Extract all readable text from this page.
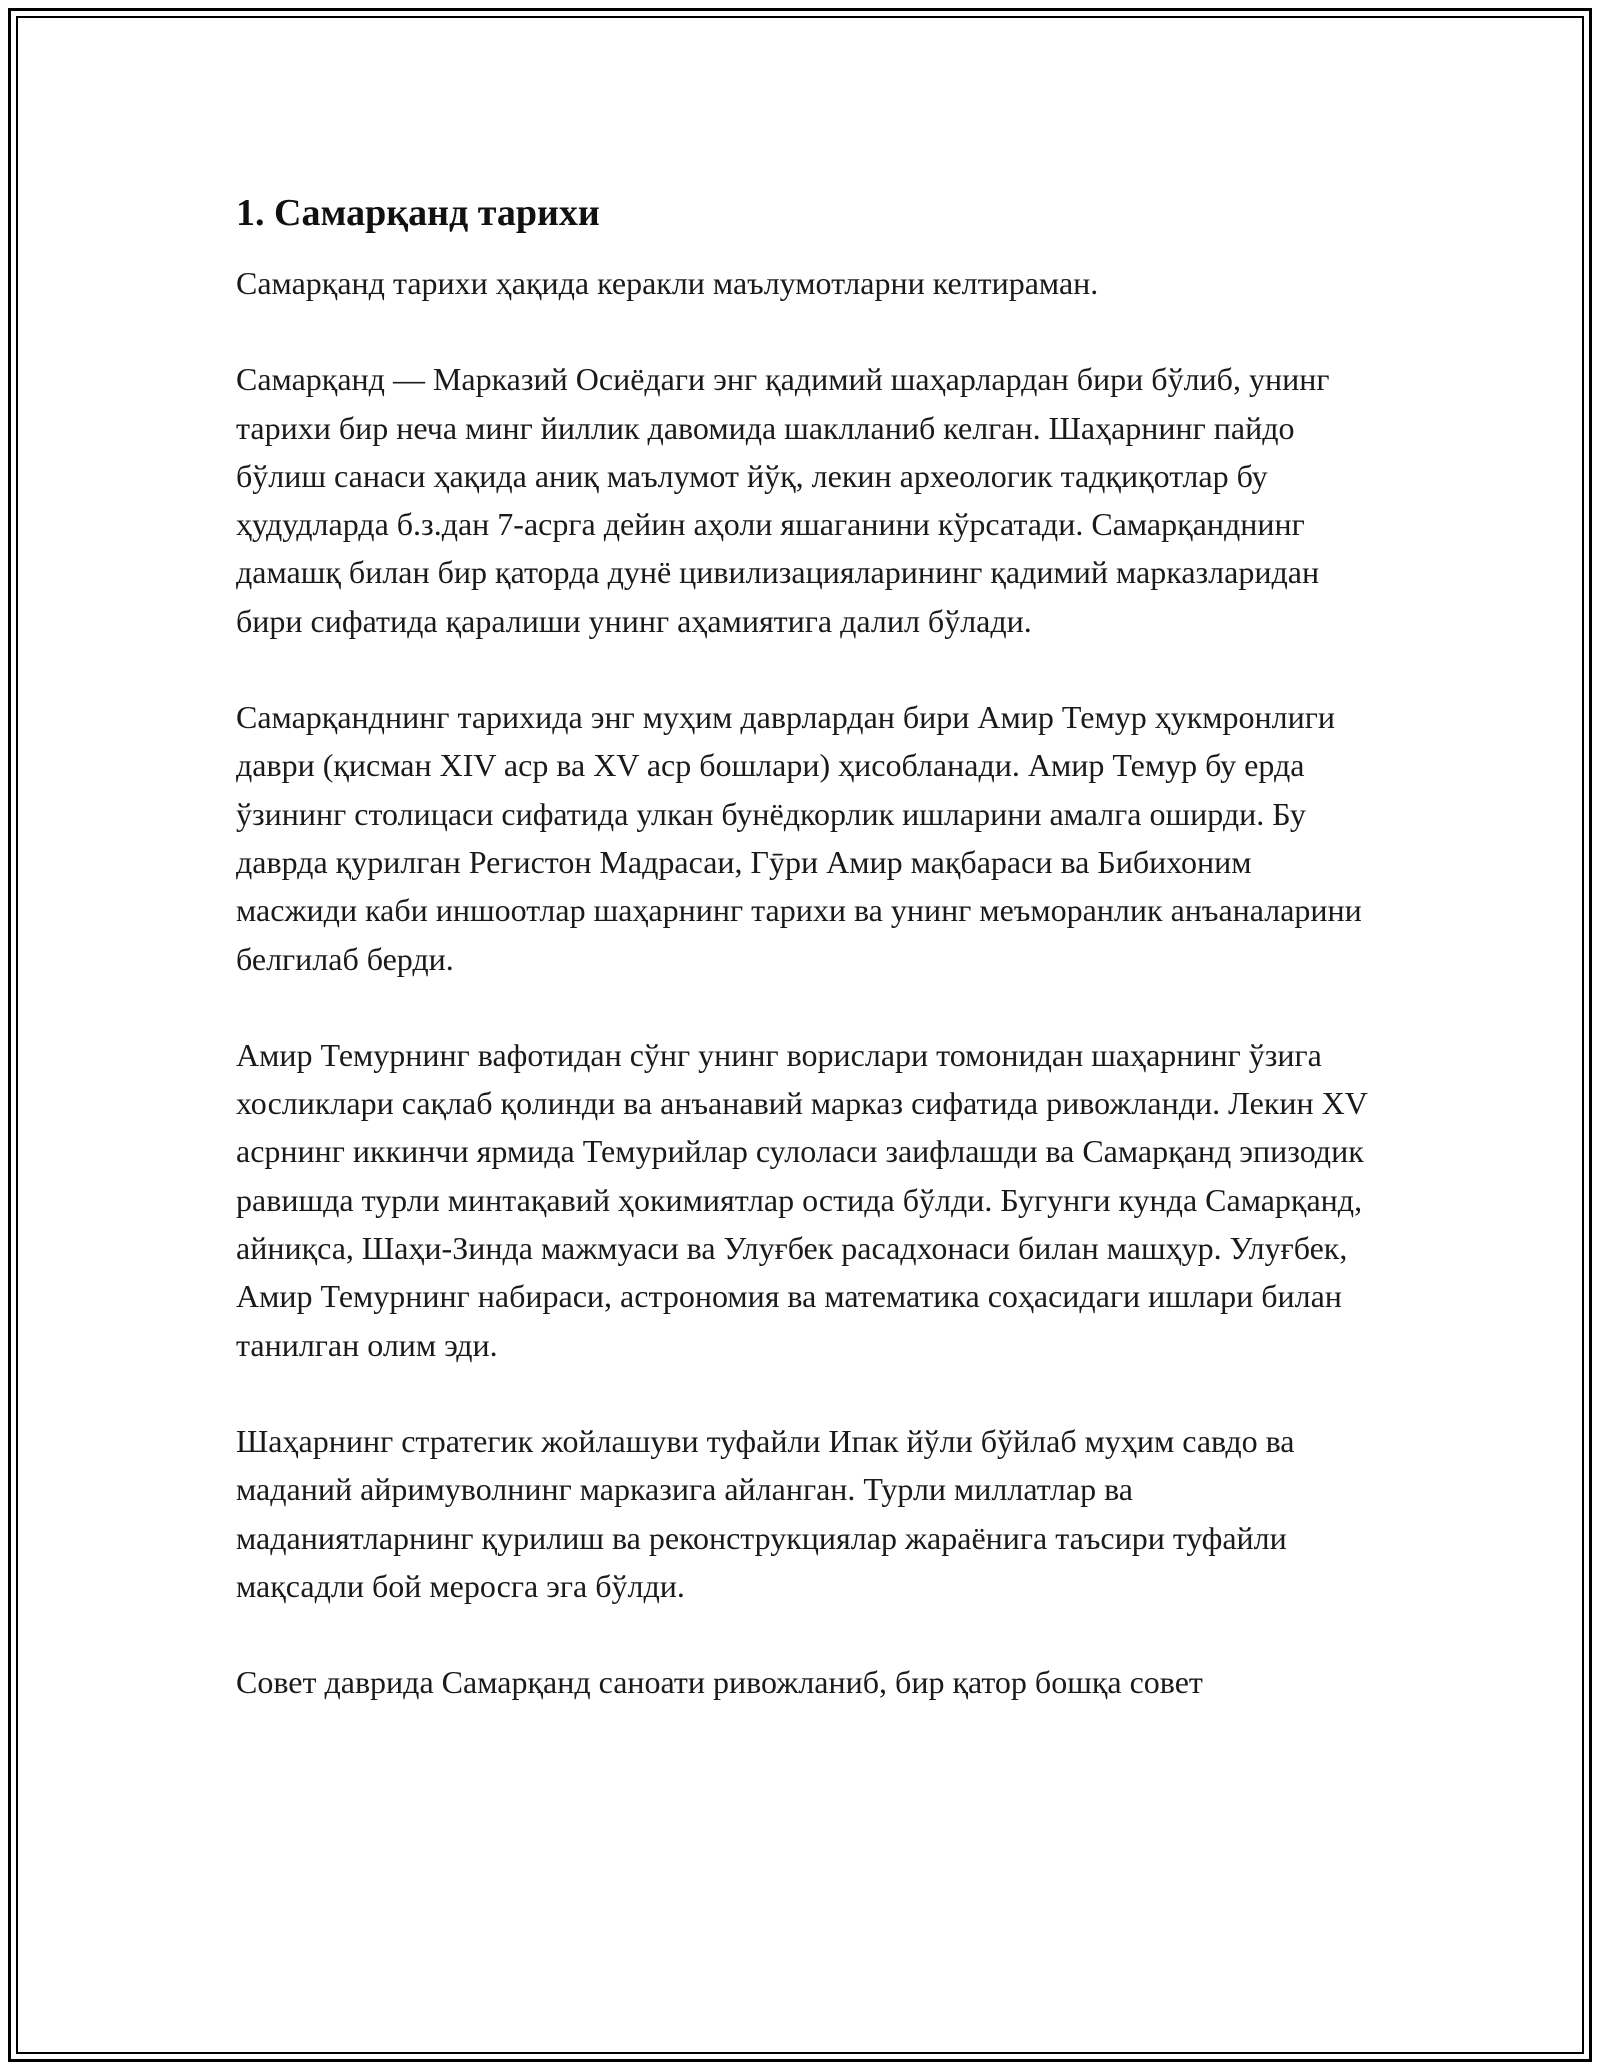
1. Самарқанд тарихи

Самарқанд тарихи ҳақида керакли маълумотларни келтираман.

Самарқанд — Марказий Осиёдаги энг қадимий шаҳарлардан бири бўлиб, унинг тарихи бир неча минг йиллик давомида шаклланиб келган. Шаҳарнинг пайдо бўлиш санаси ҳақида аниқ маълумот йўқ, лекин археологик тадқиқотлар бу ҳудудларда б.з.дан 7-асрга дейин аҳоли яшаганини кўрсатади. Самарқанднинг дамашқ билан бир қаторда дунё цивилизацияларининг қадимий марказларидан бири сифатида қаралиши унинг аҳамиятига далил бўлади.

Самарқанднинг тарихида энг муҳим даврлардан бири Амир Темур ҳукмронлиги даври (қисман XIV аср ва XV аср бошлари) ҳисобланади. Амир Темур бу ерда ўзининг столицаси сифатида улкан бунёдкорлик ишларини амалга оширди. Бу даврда қурилган Регистон Мадрасаи, Гӯри Амир мақбараси ва Бибихоним масжиди каби иншоотлар шаҳарнинг тарихи ва унинг меъморанлик анъаналарини белгилаб берди.

Амир Темурнинг вафотидан сўнг унинг ворислари томонидан шаҳарнинг ўзига хосликлари сақлаб қолинди ва анъанавий марказ сифатида ривожланди. Лекин XV асрнинг иккинчи ярмида Темурийлар сулоласи заифлашди ва Самарқанд эпизодик равишда турли минтақавий ҳокимиятлар остида бўлди. Бугунги кунда Самарқанд, айниқса, Шаҳи-Зинда мажмуаси ва Улуғбек расадхонаси билан машҳур. Улуғбек, Амир Темурнинг набираси, астрономия ва математика соҳасидаги ишлари билан танилган олим эди.

Шаҳарнинг стратегик жойлашуви туфайли Ипак йўли бўйлаб муҳим савдо ва маданий айримуволнинг марказига айланган. Турли миллатлар ва маданиятларнинг қурилиш ва реконструкциялар жараёнига таъсири туфайли мақсадли бой меросга эга бўлди.

Совет даврида Самарқанд саноати ривожланиб, бир қатор бошқа совет
